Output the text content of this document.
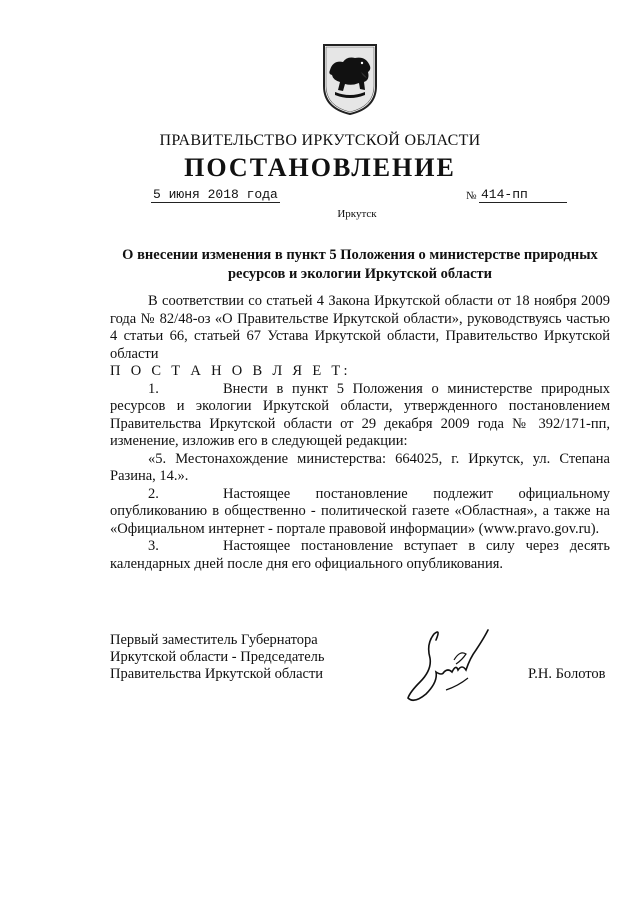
ПРАВИТЕЛЬСТВО ИРКУТСКОЙ ОБЛАСТИ
ПОСТАНОВЛЕНИЕ
5 июня 2018 года	№ 414-пп
Иркутск
О внесении изменения в пункт 5 Положения о министерстве природных
ресурсов и экологии Иркутской области

В соответствии со статьей 4 Закона Иркутской области от 18 ноября 2009 года № 82/48-оз «О Правительстве Иркутской области», руководствуясь частью 4 статьи 66, статьей 67 Устава Иркутской области, Правительство Иркутской области

П О С Т А Н О В Л Я Е Т:

1.	Внести в пункт 5 Положения о министерстве природных ресурсов и экологии Иркутской области, утвержденного постановлением Правительства Иркутской области от 29 декабря 2009 года № 392/171-пп, изменение, изложив его в следующей редакции:

«5. Местонахождение министерства: 664025, г. Иркутск, ул. Степана Разина, 14.».

2.	Настоящее постановление подлежит официальному опубликованию в общественно - политической газете «Областная», а также на «Официальном интернет - портале правовой информации» (www.pravo.gov.ru).

3.	Настоящее постановление вступает в силу через десять календарных дней после дня его официального опубликования.

Первый заместитель Губернатора
Иркутской области - Председатель
Правительства Иркутской области	Р.Н. Болотов
